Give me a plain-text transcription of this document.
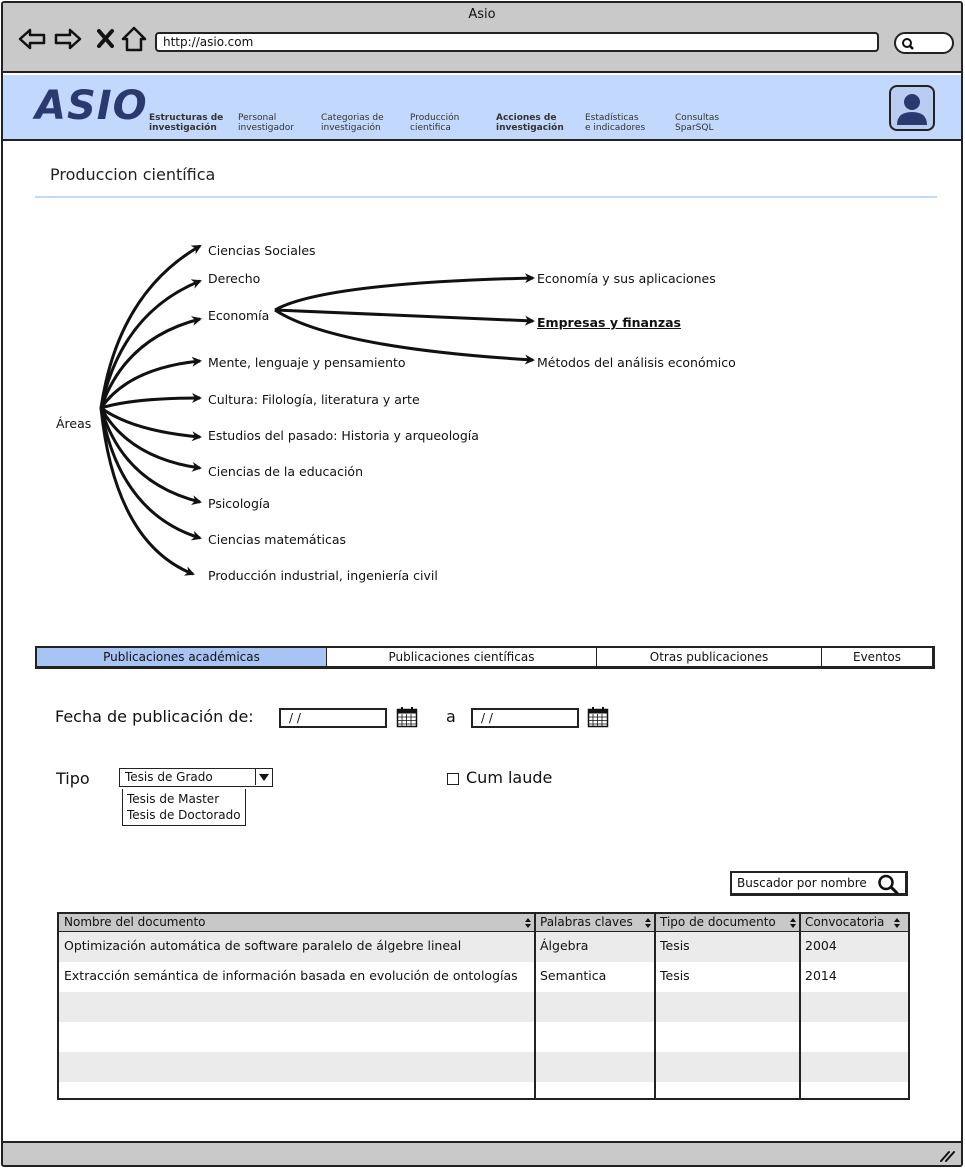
Asio
http://asio.com
ASIO Estructuras de
investigación
Personal
investigador
Categorias de
investigación
Producción
cientifica
Acciones de
investigación
Estadísticas
e indicadores
Consultas
SparSQL
Produccion científica
Áreas
Ciencias Sociales
Derecho
Economía
Mente, lenguaje y pensamiento
Cultura: Filología, literatura y arte
Estudios del pasado: Historia y arqueología
Ciencias de la educación
Psicología
Ciencias matemáticas
Producción industrial, ingeniería civil
Economía y sus aplicaciones
Empresas y finanzas
Métodos del análisis económico
Publicaciones académicas	Publicaciones científicas	Otras publicaciones	Eventos
Fecha de publicación de:	/ /	a	/ /
Tipo	Tesis de Grado
Tesis de Master
Tesis de Doctorado
Cum laude
Buscador por nombre
Nombre del documento	Palabras claves	Tipo de documento	Convocatoria
Optimización automática de software paralelo de álgebre lineal	Álgebra	Tesis	2004
Extracción semántica de información basada en evolución de ontologías	Semantica	Tesis	2014
